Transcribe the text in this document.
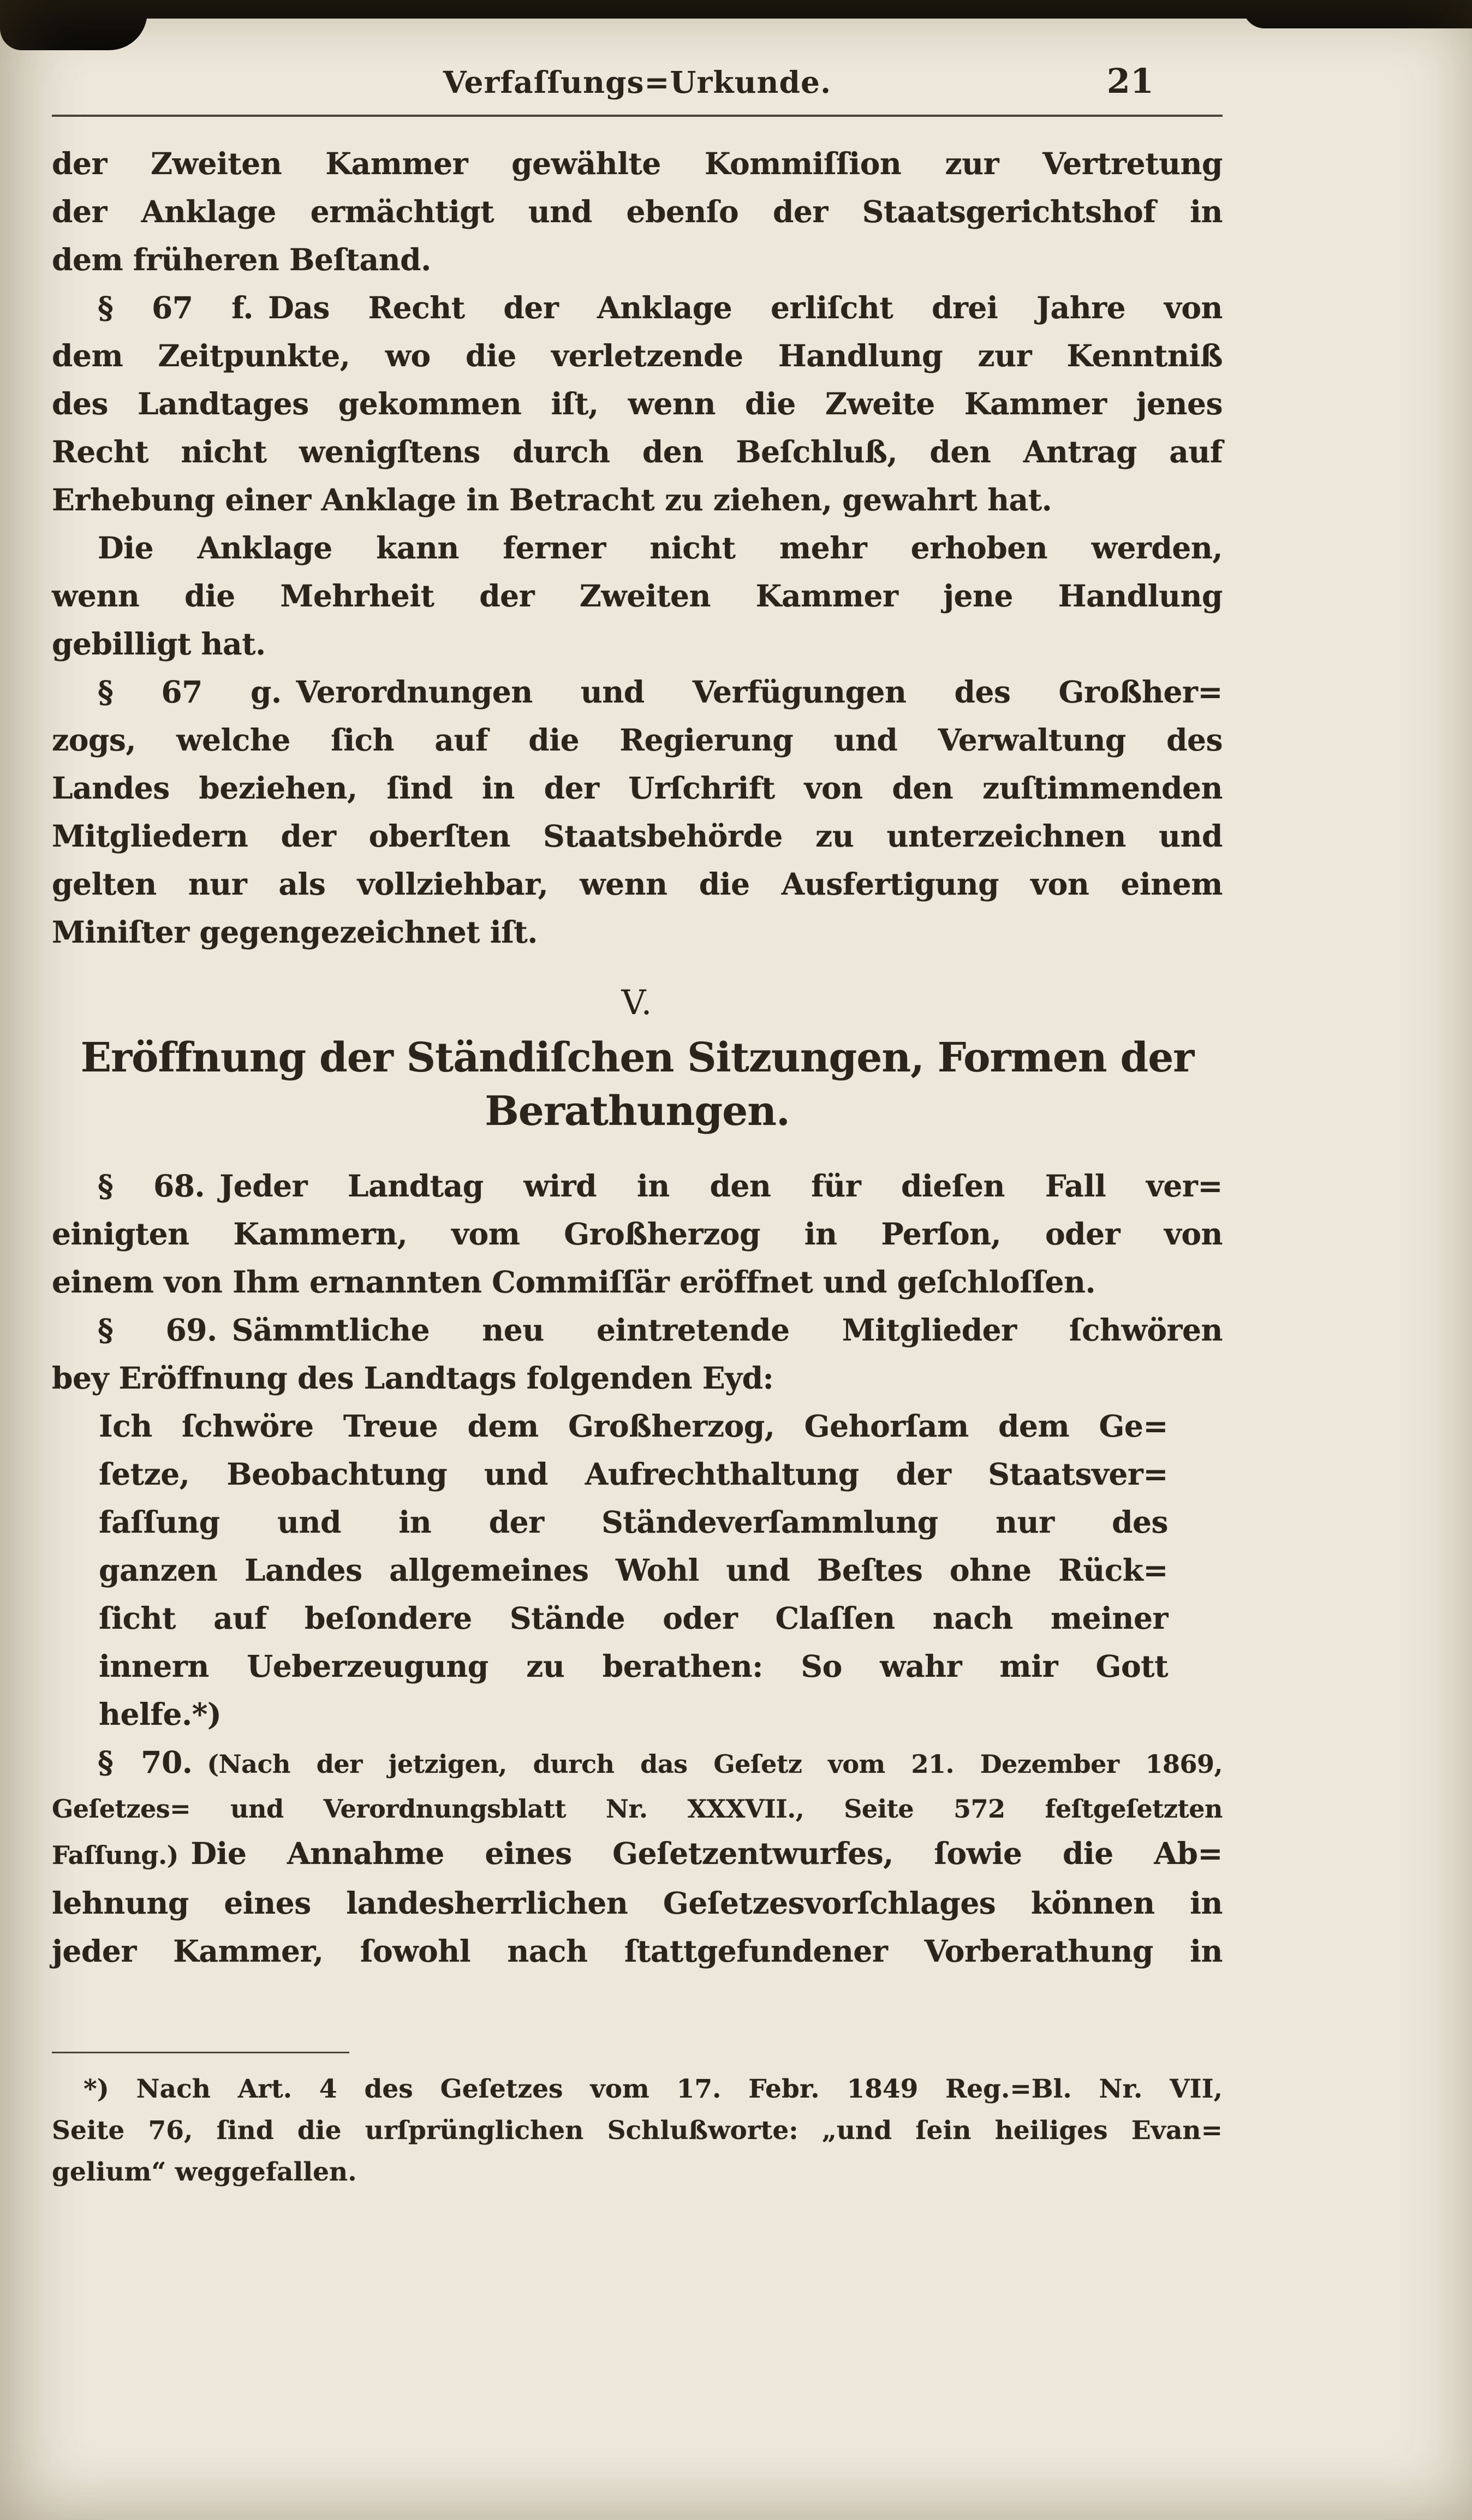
Verfaſſungs=Urkunde.	21
der Zweiten Kammer gewählte Kommiſſion zur Vertretung
der Anklage ermächtigt und ebenſo der Staatsgerichtshof in
dem früheren Beſtand.
§ 67 f. Das Recht der Anklage erliſcht drei Jahre von
dem Zeitpunkte, wo die verletzende Handlung zur Kenntniß
des Landtages gekommen iſt, wenn die Zweite Kammer jenes
Recht nicht wenigſtens durch den Beſchluß, den Antrag auf
Erhebung einer Anklage in Betracht zu ziehen, gewahrt hat.
Die Anklage kann ferner nicht mehr erhoben werden,
wenn die Mehrheit der Zweiten Kammer jene Handlung
gebilligt hat.
§ 67 g. Verordnungen und Verfügungen des Großher=
zogs, welche ſich auf die Regierung und Verwaltung des
Landes beziehen, ſind in der Urſchrift von den zuſtimmenden
Mitgliedern der oberſten Staatsbehörde zu unterzeichnen und
gelten nur als vollziehbar, wenn die Ausfertigung von einem
Miniſter gegengezeichnet iſt.
V.
Eröffnung der Ständiſchen Sitzungen, Formen der
Berathungen.
§ 68. Jeder Landtag wird in den für dieſen Fall ver=
einigten Kammern, vom Großherzog in Perſon, oder von
einem von Ihm ernannten Commiſſär eröffnet und geſchloſſen.
§ 69. Sämmtliche neu eintretende Mitglieder ſchwören
bey Eröffnung des Landtags folgenden Eyd:
Ich ſchwöre Treue dem Großherzog, Gehorſam dem Ge=
ſetze, Beobachtung und Aufrechthaltung der Staatsver=
faſſung und in der Ständeverſammlung nur des
ganzen Landes allgemeines Wohl und Beſtes ohne Rück=
ſicht auf beſondere Stände oder Claſſen nach meiner
innern Ueberzeugung zu berathen: So wahr mir Gott
helfe.*)
§ 70. (Nach der jetzigen, durch das Geſetz vom 21. Dezember 1869,
Geſetzes= und Verordnungsblatt Nr. XXXVII., Seite 572 feſtgeſetzten
Faſſung.) Die Annahme eines Geſetzentwurfes, ſowie die Ab=
lehnung eines landesherrlichen Geſetzesvorſchlages können in
jeder Kammer, ſowohl nach ſtattgefundener Vorberathung in
*) Nach Art. 4 des Geſetzes vom 17. Febr. 1849 Reg.=Bl. Nr. VII,
Seite 76, ſind die urſprünglichen Schlußworte: „und ſein heiliges Evan=
gelium“ weggefallen.
